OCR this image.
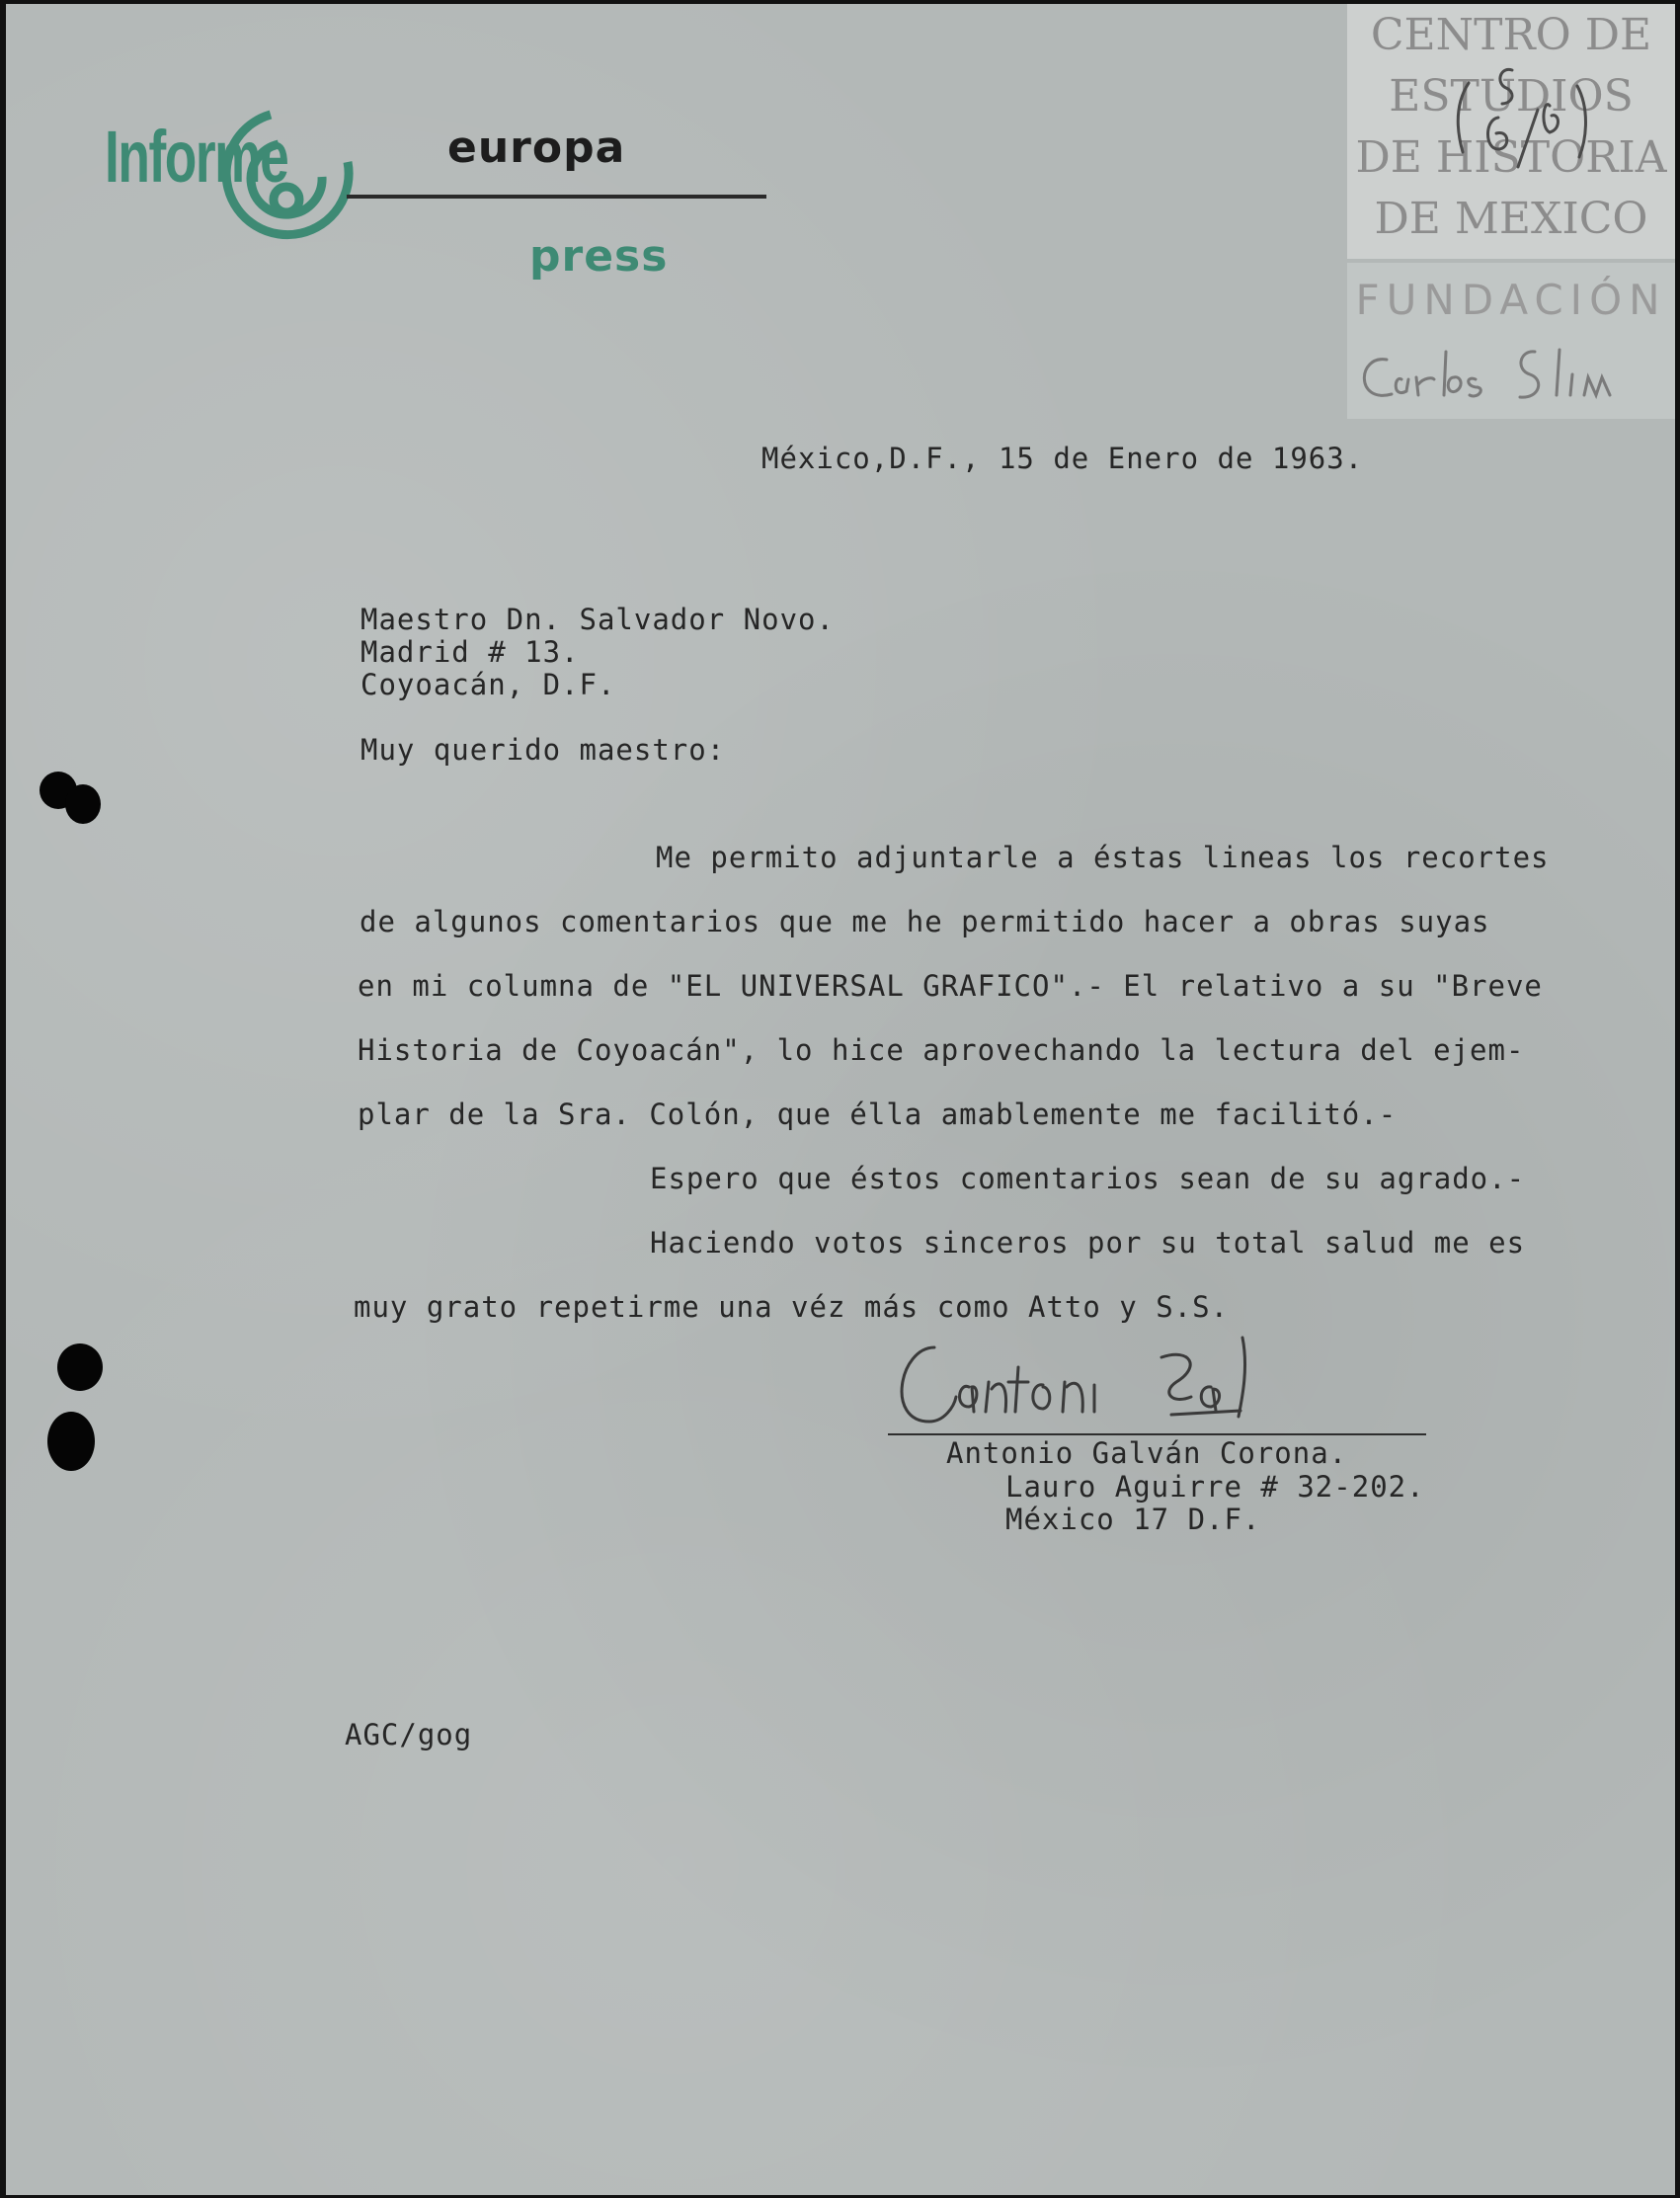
Informe	europa
press
CENTRO DE
ESTUDIOS
DE HISTORIA
DE MEXICO
FUNDACIÓN
México,D.F., 15 de Enero de 1963.
Maestro Dn. Salvador Novo.
Madrid # 13.
Coyoacán, D.F.
Muy querido maestro:
Me permito adjuntarle a éstas lineas los recortes
de algunos comentarios que me he permitido hacer a obras suyas
en mi columna de "EL UNIVERSAL GRAFICO".- El relativo a su "Breve
Historia de Coyoacán", lo hice aprovechando la lectura del ejem-
plar de la Sra. Colón, que élla amablemente me facilitó.-
Espero que éstos comentarios sean de su agrado.-
Haciendo votos sinceros por su total salud me es
muy grato repetirme una véz más como Atto y S.S.
Antonio Galván Corona.
Lauro Aguirre # 32-202.
México 17 D.F.
AGC/gog
